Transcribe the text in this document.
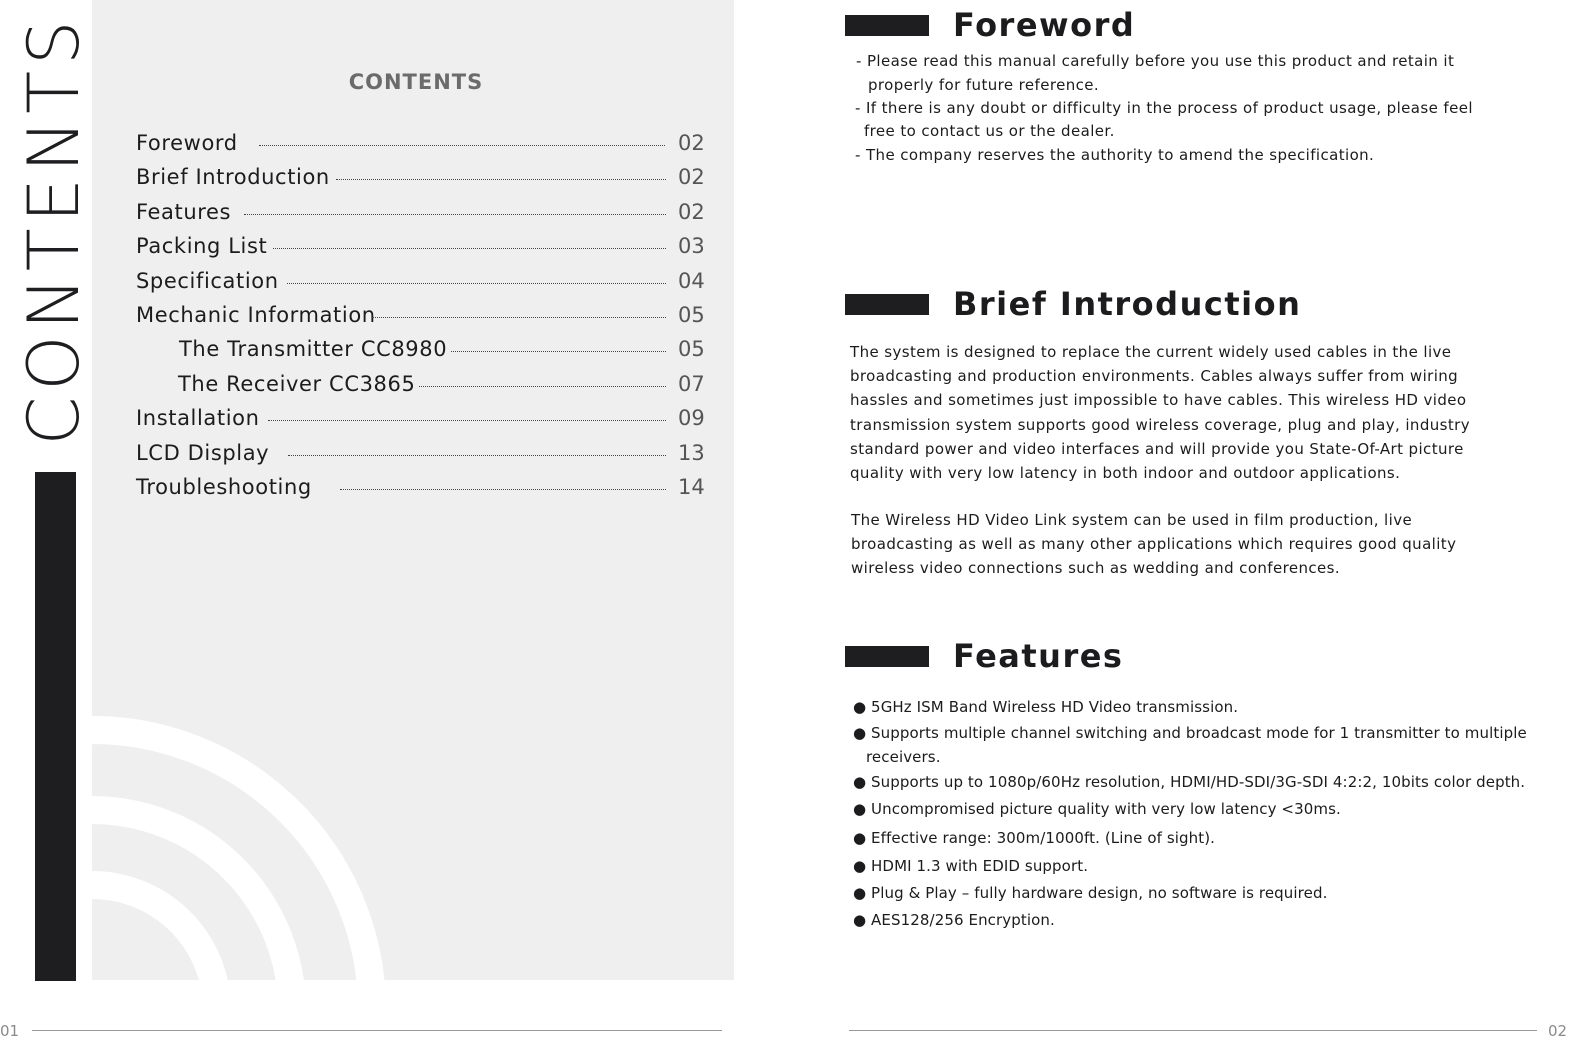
CONTENTS	CONTENTS
Foreword	02
Brief Introduction	02
Features	02
Packing List	03
Specification	04
Mechanic Information	05
The Transmitter CC8980	05
The Receiver CC3865	07
Installation	09
LCD Display	13
Troubleshooting	14
01
Foreword
- Please read this manual carefully before you use this product and retain it
properly for future reference.
- If there is any doubt or difficulty in the process of product usage, please feel
free to contact us or the dealer.
- The company reserves the authority to amend the specification.
Brief Introduction
The system is designed to replace the current widely used cables in the live
broadcasting and production environments. Cables always suffer from wiring
hassles and sometimes just impossible to have cables. This wireless HD video
transmission system supports good wireless coverage, plug and play, industry
standard power and video interfaces and will provide you State-Of-Art picture
quality with very low latency in both indoor and outdoor applications.
The Wireless HD Video Link system can be used in film production, live
broadcasting as well as many other applications which requires good quality
wireless video connections such as wedding and conferences.
Features
● 5GHz ISM Band Wireless HD Video transmission.
● Supports multiple channel switching and broadcast mode for 1 transmitter to multiple
receivers.
● Supports up to 1080p/60Hz resolution, HDMI/HD-SDI/3G-SDI 4:2:2, 10bits color depth.
● Uncompromised picture quality with very low latency <30ms.
● Effective range: 300m/1000ft. (Line of sight).
● HDMI 1.3 with EDID support.
● Plug & Play – fully hardware design, no software is required.
● AES128/256 Encryption.
02
